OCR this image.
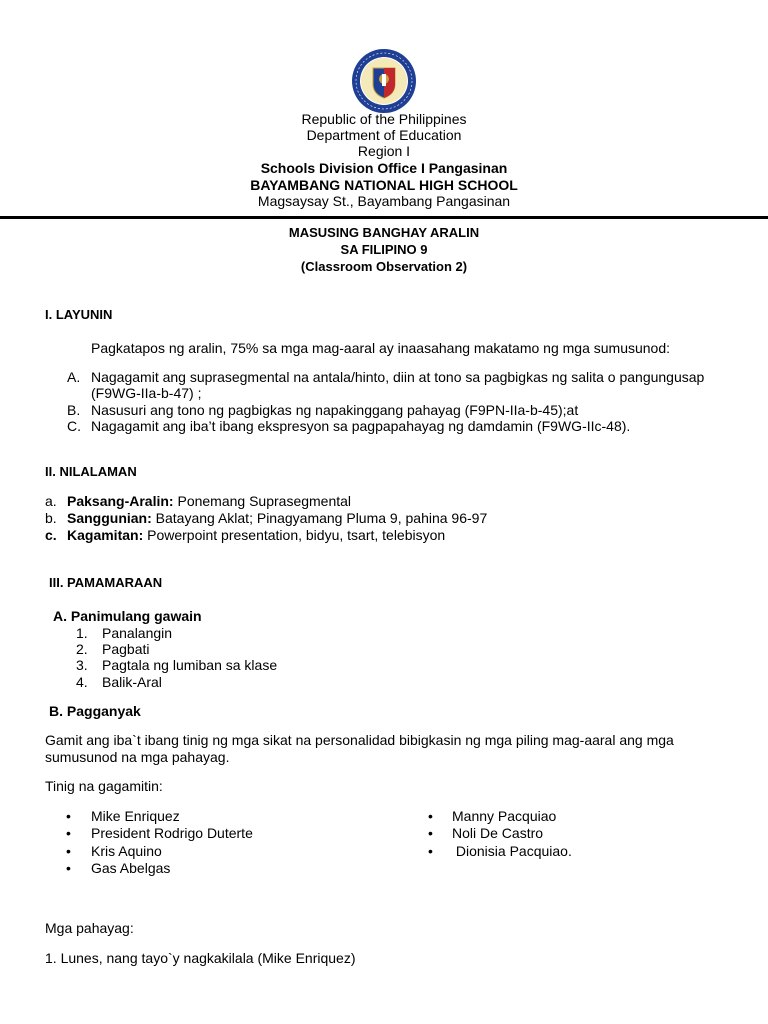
Republic of the Philippines
Department of Education
Region I
Schools Division Office I Pangasinan
BAYAMBANG NATIONAL HIGH SCHOOL
Magsaysay St., Bayambang Pangasinan
MASUSING BANGHAY ARALIN
SA FILIPINO 9
(Classroom Observation 2)
I. LAYUNIN
Pagkatapos ng aralin, 75% sa mga mag-aaral ay inaasahang makatamo ng mga sumusunod:
A. Nagagamit ang suprasegmental na antala/hinto, diin at tono sa pagbigkas ng salita o pangungusap
(F9WG-IIa-b-47) ;
B. Nasusuri ang tono ng pagbigkas ng napakinggang pahayag (F9PN-IIa-b-45);at
C. Nagagamit ang iba’t ibang ekspresyon sa pagpapahayag ng damdamin (F9WG-IIc-48).
II. NILALAMAN
a. Paksang-Aralin: Ponemang Suprasegmental
b. Sanggunian: Batayang Aklat; Pinagyamang Pluma 9, pahina 96-97
c. Kagamitan: Powerpoint presentation, bidyu, tsart, telebisyon
III. PAMAMARAAN
A. Panimulang gawain
1. Panalangin
2. Pagbati
3. Pagtala ng lumiban sa klase
4. Balik-Aral
B. Pagganyak
Gamit ang iba`t ibang tinig ng mga sikat na personalidad bibigkasin ng mga piling mag-aaral ang mga
sumusunod na mga pahayag.
Tinig na gagamitin:
• Mike Enriquez
• President Rodrigo Duterte
• Kris Aquino
• Gas Abelgas
• Manny Pacquiao
• Noli De Castro
• Dionisia Pacquiao.
Mga pahayag:
1. Lunes, nang tayo`y nagkakilala (Mike Enriquez)
